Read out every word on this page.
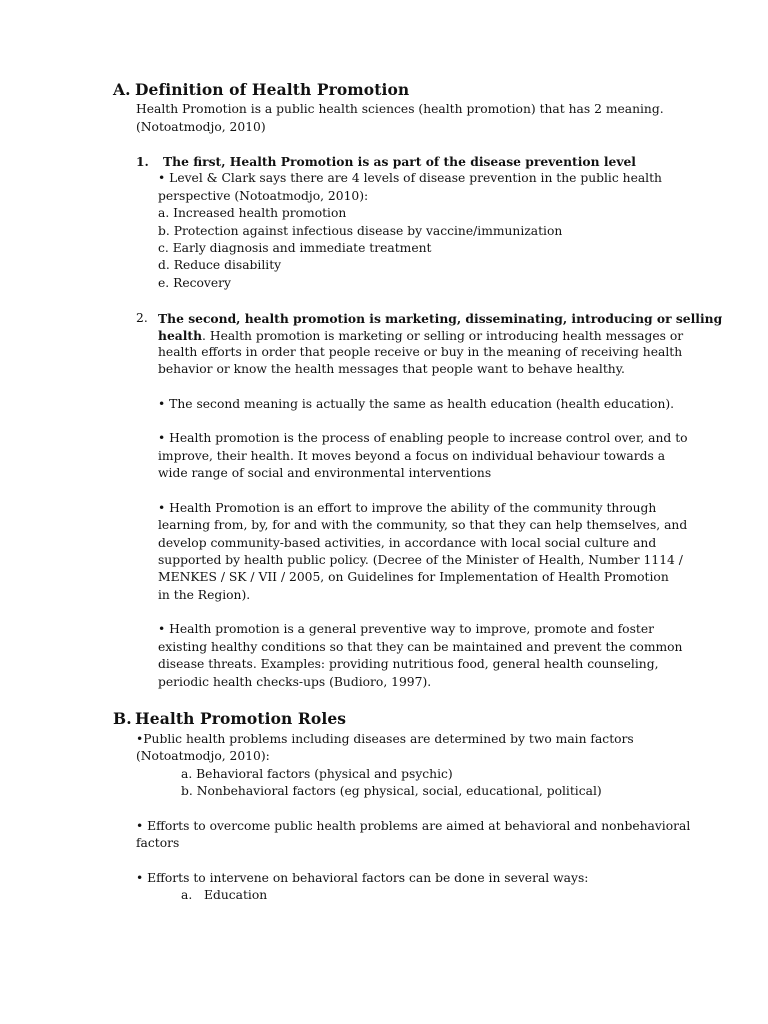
A. Definition of Health Promotion
Health Promotion is a public health sciences (health promotion) that has 2 meaning.
(Notoatmodjo, 2010)
1. The first, Health Promotion is as part of the disease prevention level
• Level & Clark says there are 4 levels of disease prevention in the public health
perspective (Notoatmodjo, 2010):
a. Increased health promotion
b. Protection against infectious disease by vaccine/immunization
c. Early diagnosis and immediate treatment
d. Reduce disability
e. Recovery
2. The second, health promotion is marketing, disseminating, introducing or selling
health. Health promotion is marketing or selling or introducing health messages or
health efforts in order that people receive or buy in the meaning of receiving health
behavior or know the health messages that people want to behave healthy.
• The second meaning is actually the same as health education (health education).
• Health promotion is the process of enabling people to increase control over, and to
improve, their health. It moves beyond a focus on individual behaviour towards a
wide range of social and environmental interventions
• Health Promotion is an effort to improve the ability of the community through
learning from, by, for and with the community, so that they can help themselves, and
develop community-based activities, in accordance with local social culture and
supported by health public policy. (Decree of the Minister of Health, Number 1114 /
MENKES / SK / VII / 2005, on Guidelines for Implementation of Health Promotion
in the Region).
• Health promotion is a general preventive way to improve, promote and foster
existing healthy conditions so that they can be maintained and prevent the common
disease threats. Examples: providing nutritious food, general health counseling,
periodic health checks-ups (Budioro, 1997).
B. Health Promotion Roles
•Public health problems including diseases are determined by two main factors
(Notoatmodjo, 2010):
a. Behavioral factors (physical and psychic)
b. Nonbehavioral factors (eg physical, social, educational, political)
• Efforts to overcome public health problems are aimed at behavioral and nonbehavioral
factors
• Efforts to intervene on behavioral factors can be done in several ways:
a. Education
